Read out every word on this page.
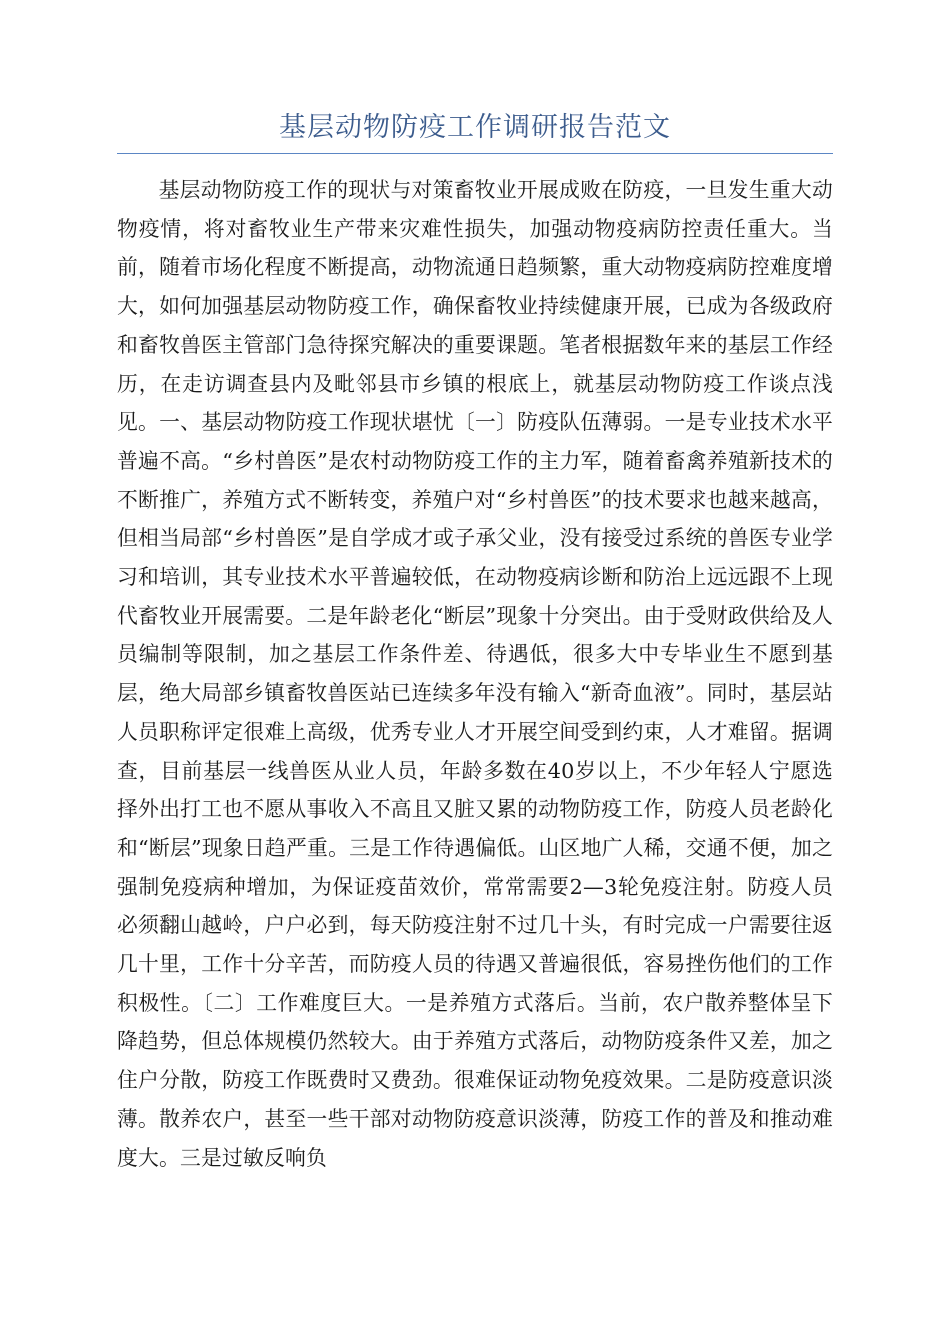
基层动物防疫工作调研报告范文

基层动物防疫工作的现状与对策畜牧业开展成败在防疫，一旦发生重大动物疫情，将对畜牧业生产带来灾难性损失，加强动物疫病防控责任重大。当前，随着市场化程度不断提高，动物流通日趋频繁，重大动物疫病防控难度增大，如何加强基层动物防疫工作，确保畜牧业持续健康开展，已成为各级政府和畜牧兽医主管部门急待探究解决的重要课题。笔者根据数年来的基层工作经历，在走访调查县内及毗邻县市乡镇的根底上，就基层动物防疫工作谈点浅见。一、基层动物防疫工作现状堪忧〔一〕防疫队伍薄弱。一是专业技术水平普遍不高。“乡村兽医”是农村动物防疫工作的主力军，随着畜禽养殖新技术的不断推广，养殖方式不断转变，养殖户对“乡村兽医”的技术要求也越来越高，但相当局部“乡村兽医”是自学成才或子承父业，没有接受过系统的兽医专业学习和培训，其专业技术水平普遍较低，在动物疫病诊断和防治上远远跟不上现代畜牧业开展需要。二是年龄老化“断层”现象十分突出。由于受财政供给及人员编制等限制，加之基层工作条件差、待遇低，很多大中专毕业生不愿到基层，绝大局部乡镇畜牧兽医站已连续多年没有输入“新奇血液”。同时，基层站人员职称评定很难上高级，优秀专业人才开展空间受到约束，人才难留。据调查，目前基层一线兽医从业人员，年龄多数在40岁以上，不少年轻人宁愿选择外出打工也不愿从事收入不高且又脏又累的动物防疫工作，防疫人员老龄化和“断层”现象日趋严重。三是工作待遇偏低。山区地广人稀，交通不便，加之强制免疫病种增加，为保证疫苗效价，常常需要2—3轮免疫注射。防疫人员必须翻山越岭，户户必到，每天防疫注射不过几十头，有时完成一户需要往返几十里，工作十分辛苦，而防疫人员的待遇又普遍很低，容易挫伤他们的工作积极性。〔二〕工作难度巨大。一是养殖方式落后。当前，农户散养整体呈下降趋势，但总体规模仍然较大。由于养殖方式落后，动物防疫条件又差，加之住户分散，防疫工作既费时又费劲。很难保证动物免疫效果。二是防疫意识淡薄。散养农户，甚至一些干部对动物防疫意识淡薄，防疫工作的普及和推动难度大。三是过敏反响负
